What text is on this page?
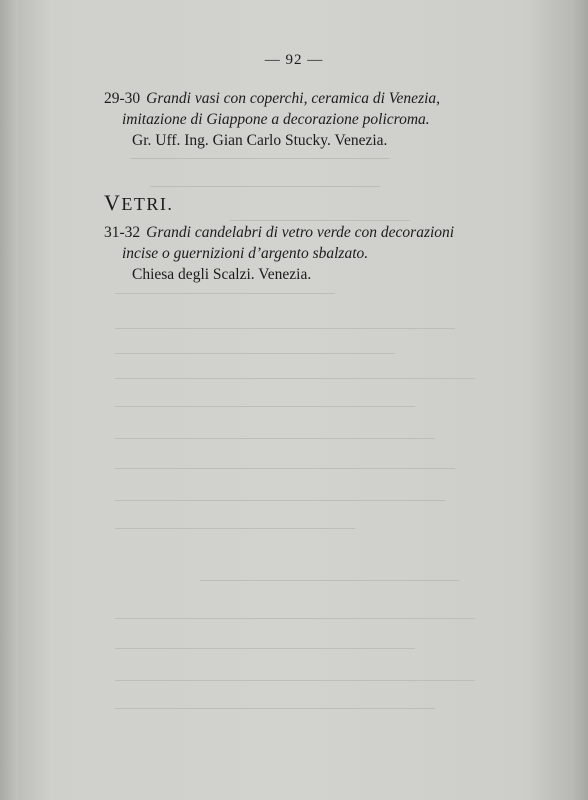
— 92 —
29-30 Grandi vasi con coperchi, ceramica di Venezia,
imitazione di Giappone a decorazione policroma.
Gr. Uff. Ing. Gian Carlo Stucky. Venezia.
VETRI.
31-32 Grandi candelabri di vetro verde con decorazioni
incise o guernizioni d’argento sbalzato.
Chiesa degli Scalzi. Venezia.
